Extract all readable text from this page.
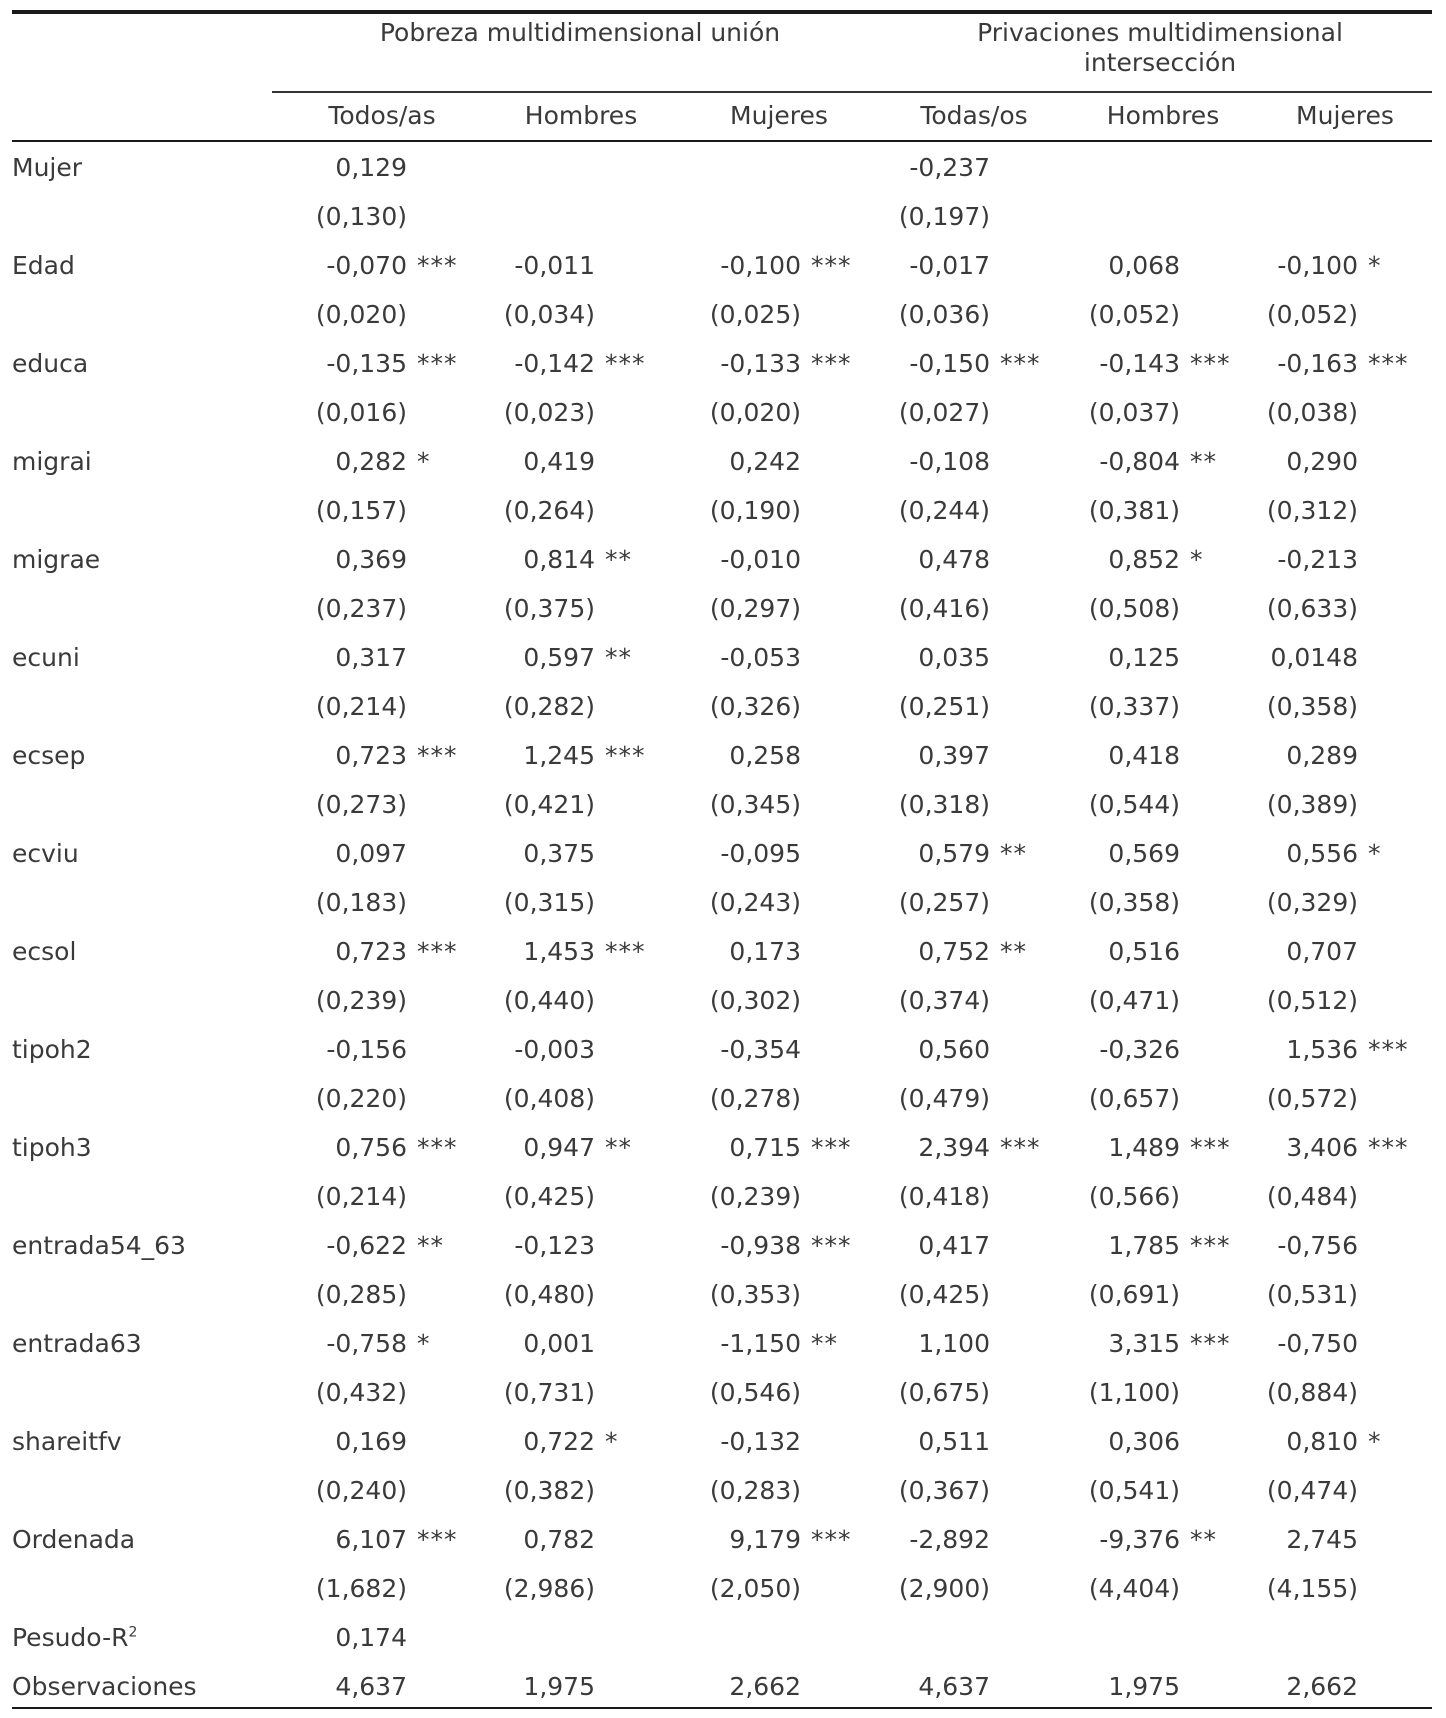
Pobreza multidimensional unión	Privaciones multidimensional
intersección
Todos/as	Hombres	Mujeres	Todas/os	Hombres	Mujeres
Mujer	0,129			-0,237		
	(0,130)			(0,197)		
Edad	-0,070 ***	-0,011	-0,100 ***	-0,017	0,068	-0,100 *
	(0,020)	(0,034)	(0,025)	(0,036)	(0,052)	(0,052)
educa	-0,135 ***	-0,142 ***	-0,133 ***	-0,150 ***	-0,143 ***	-0,163 ***
	(0,016)	(0,023)	(0,020)	(0,027)	(0,037)	(0,038)
migrai	0,282 *	0,419	0,242	-0,108	-0,804 **	0,290
	(0,157)	(0,264)	(0,190)	(0,244)	(0,381)	(0,312)
migrae	0,369	0,814 **	-0,010	0,478	0,852 *	-0,213
	(0,237)	(0,375)	(0,297)	(0,416)	(0,508)	(0,633)
ecuni	0,317	0,597 **	-0,053	0,035	0,125	0,0148
	(0,214)	(0,282)	(0,326)	(0,251)	(0,337)	(0,358)
ecsep	0,723 ***	1,245 ***	0,258	0,397	0,418	0,289
	(0,273)	(0,421)	(0,345)	(0,318)	(0,544)	(0,389)
ecviu	0,097	0,375	-0,095	0,579 **	0,569	0,556 *
	(0,183)	(0,315)	(0,243)	(0,257)	(0,358)	(0,329)
ecsol	0,723 ***	1,453 ***	0,173	0,752 **	0,516	0,707
	(0,239)	(0,440)	(0,302)	(0,374)	(0,471)	(0,512)
tipoh2	-0,156	-0,003	-0,354	0,560	-0,326	1,536 ***
	(0,220)	(0,408)	(0,278)	(0,479)	(0,657)	(0,572)
tipoh3	0,756 ***	0,947 **	0,715 ***	2,394 ***	1,489 ***	3,406 ***
	(0,214)	(0,425)	(0,239)	(0,418)	(0,566)	(0,484)
entrada54_63	-0,622 **	-0,123	-0,938 ***	0,417	1,785 ***	-0,756
	(0,285)	(0,480)	(0,353)	(0,425)	(0,691)	(0,531)
entrada63	-0,758 *	0,001	-1,150 **	1,100	3,315 ***	-0,750
	(0,432)	(0,731)	(0,546)	(0,675)	(1,100)	(0,884)
shareitfv	0,169	0,722 *	-0,132	0,511	0,306	0,810 *
	(0,240)	(0,382)	(0,283)	(0,367)	(0,541)	(0,474)
Ordenada	6,107 ***	0,782	9,179 ***	-2,892	-9,376 **	2,745
	(1,682)	(2,986)	(2,050)	(2,900)	(4,404)	(4,155)
Pesudo-$R^2$	0,174					
Observaciones	4,637	1,975	2,662	4,637	1,975	2,662
